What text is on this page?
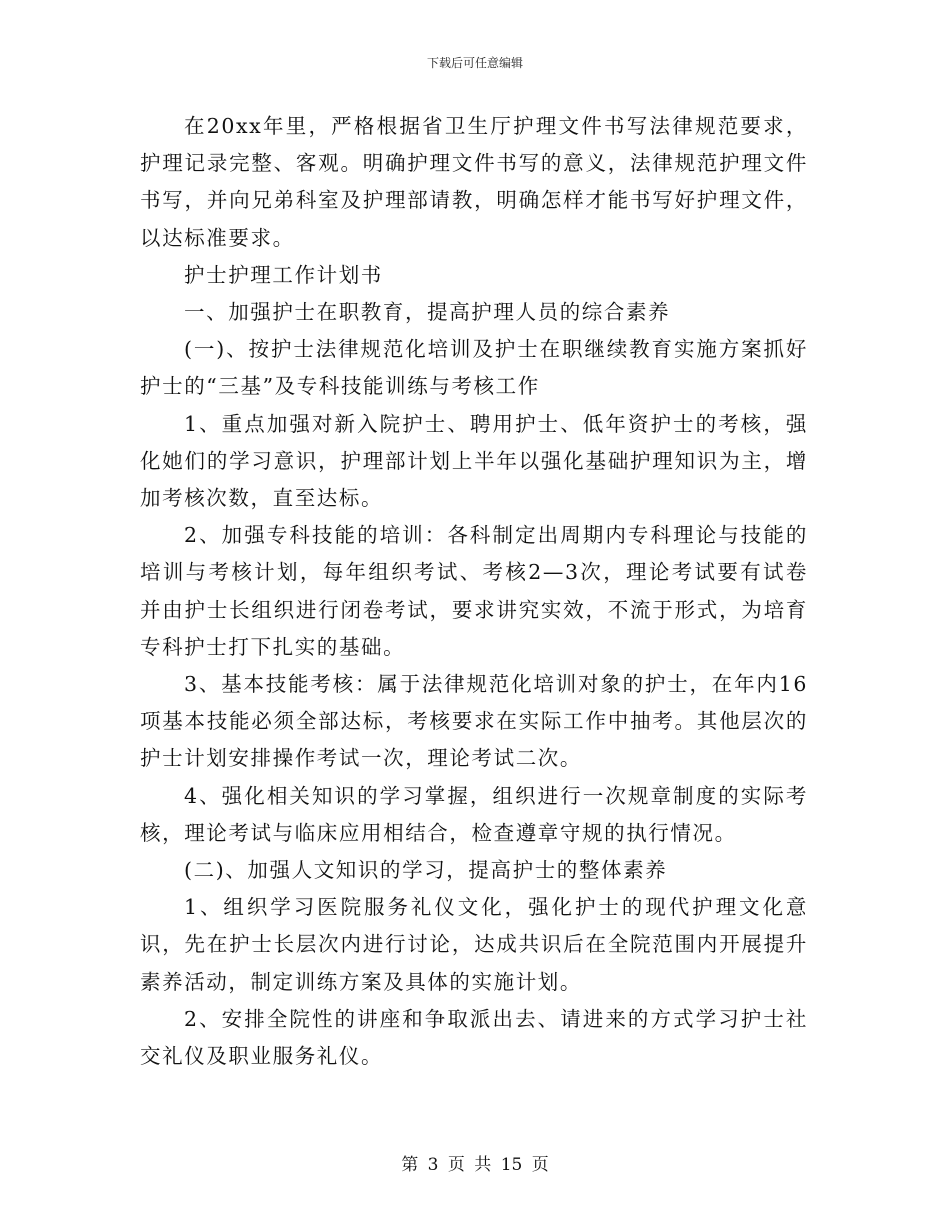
下载后可任意编辑

在20xx年里，严格根据省卫生厅护理文件书写法律规范要求，护理记录完整、客观。明确护理文件书写的意义，法律规范护理文件书写，并向兄弟科室及护理部请教，明确怎样才能书写好护理文件，以达标准要求。

护士护理工作计划书

一、加强护士在职教育，提高护理人员的综合素养

(一)、按护士法律规范化培训及护士在职继续教育实施方案抓好护士的“三基”及专科技能训练与考核工作

1、重点加强对新入院护士、聘用护士、低年资护士的考核，强化她们的学习意识，护理部计划上半年以强化基础护理知识为主，增加考核次数，直至达标。

2、加强专科技能的培训：各科制定出周期内专科理论与技能的培训与考核计划，每年组织考试、考核2—3次，理论考试要有试卷并由护士长组织进行闭卷考试，要求讲究实效，不流于形式，为培育专科护士打下扎实的基础。

3、基本技能考核：属于法律规范化培训对象的护士，在年内16项基本技能必须全部达标，考核要求在实际工作中抽考。其他层次的护士计划安排操作考试一次，理论考试二次。

4、强化相关知识的学习掌握，组织进行一次规章制度的实际考核，理论考试与临床应用相结合，检查遵章守规的执行情况。

(二)、加强人文知识的学习，提高护士的整体素养

1、组织学习医院服务礼仪文化，强化护士的现代护理文化意识，先在护士长层次内进行讨论，达成共识后在全院范围内开展提升素养活动，制定训练方案及具体的实施计划。

2、安排全院性的讲座和争取派出去、请进来的方式学习护士社交礼仪及职业服务礼仪。

第 3 页 共 15 页
